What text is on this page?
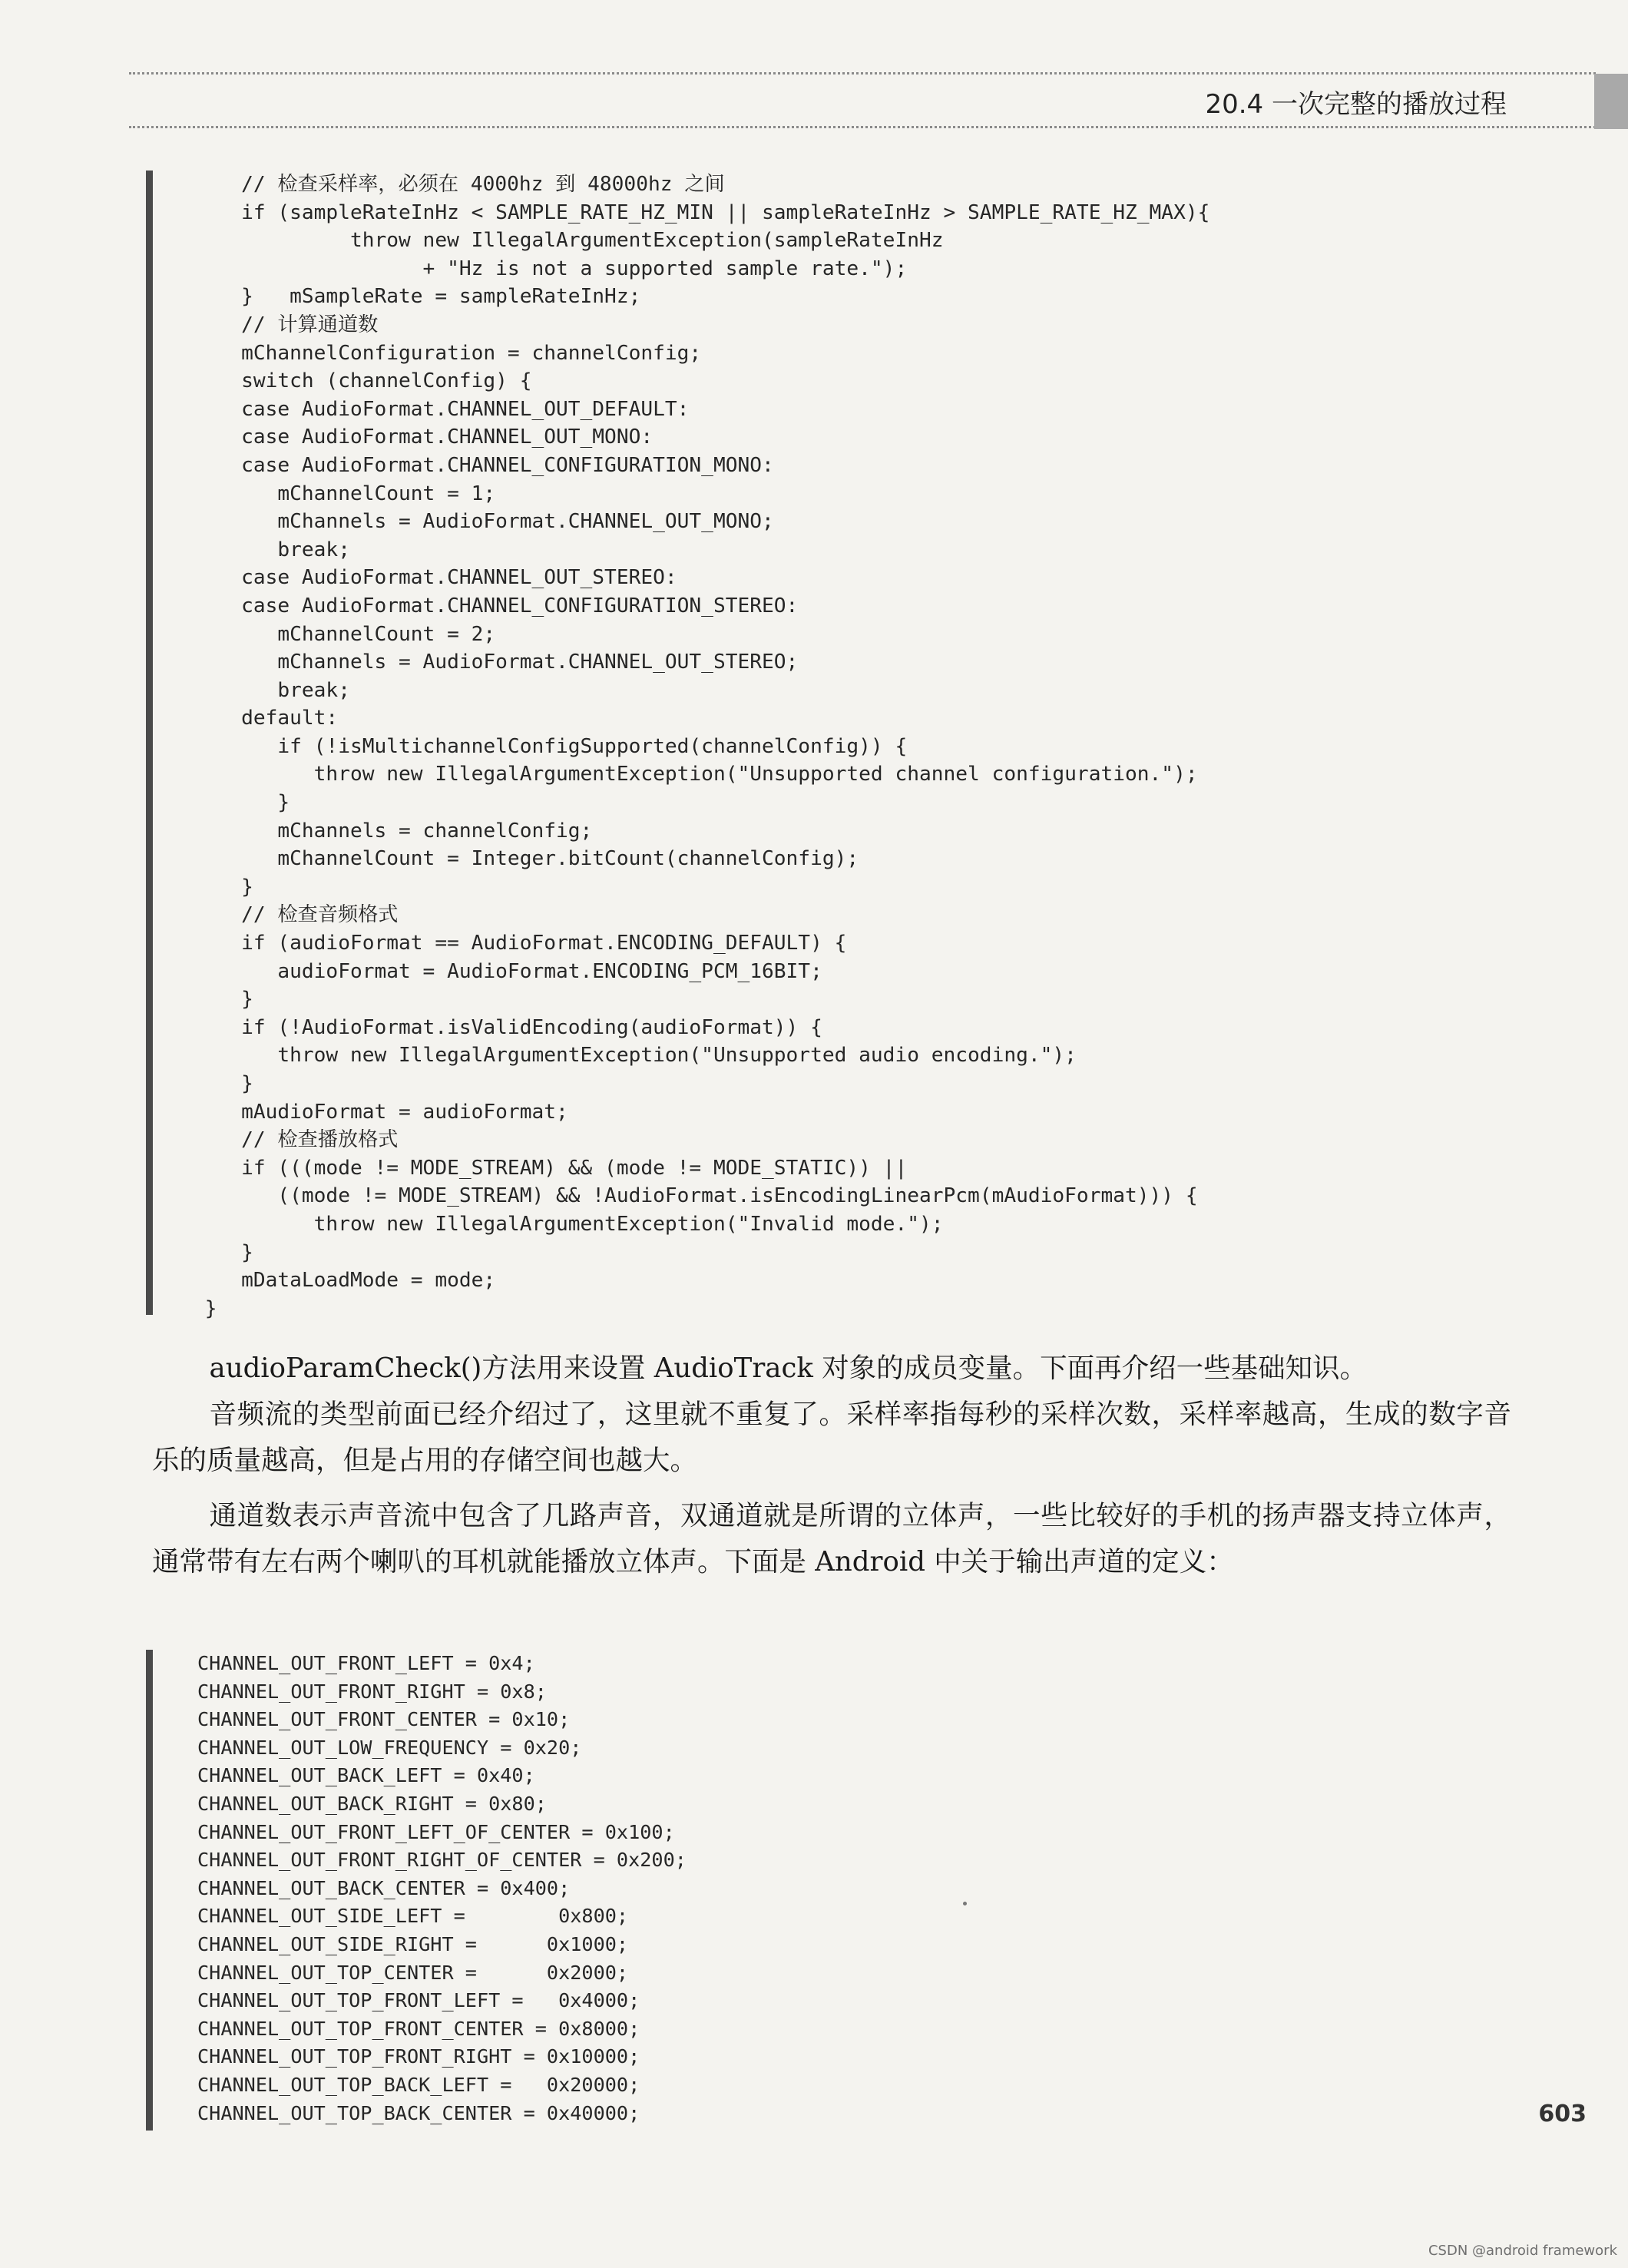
20.4 一次完整的播放过程
// 检查采样率，必须在 4000hz 到 48000hz 之间
if (sampleRateInHz < SAMPLE_RATE_HZ_MIN || sampleRateInHz > SAMPLE_RATE_HZ_MAX){
throw new IllegalArgumentException(sampleRateInHz
+ "Hz is not a supported sample rate.");
}   mSampleRate = sampleRateInHz;
// 计算通道数
mChannelConfiguration = channelConfig;
switch (channelConfig) {
case AudioFormat.CHANNEL_OUT_DEFAULT:
case AudioFormat.CHANNEL_OUT_MONO:
case AudioFormat.CHANNEL_CONFIGURATION_MONO:
mChannelCount = 1;
mChannels = AudioFormat.CHANNEL_OUT_MONO;
break;
case AudioFormat.CHANNEL_OUT_STEREO:
case AudioFormat.CHANNEL_CONFIGURATION_STEREO:
mChannelCount = 2;
mChannels = AudioFormat.CHANNEL_OUT_STEREO;
break;
default:
if (!isMultichannelConfigSupported(channelConfig)) {
throw new IllegalArgumentException("Unsupported channel configuration.");
}
mChannels = channelConfig;
mChannelCount = Integer.bitCount(channelConfig);
}
// 检查音频格式
if (audioFormat == AudioFormat.ENCODING_DEFAULT) {
audioFormat = AudioFormat.ENCODING_PCM_16BIT;
}
if (!AudioFormat.isValidEncoding(audioFormat)) {
throw new IllegalArgumentException("Unsupported audio encoding.");
}
mAudioFormat = audioFormat;
// 检查播放格式
if (((mode != MODE_STREAM) && (mode != MODE_STATIC)) ||
((mode != MODE_STREAM) && !AudioFormat.isEncodingLinearPcm(mAudioFormat))) {
throw new IllegalArgumentException("Invalid mode.");
}
mDataLoadMode = mode;
}

audioParamCheck()方法用来设置 AudioTrack 对象的成员变量。下面再介绍一些基础知识。

音频流的类型前面已经介绍过了，这里就不重复了。采样率指每秒的采样次数，采样率越高，生成的数字音乐的质量越高，但是占用的存储空间也越大。

通道数表示声音流中包含了几路声音，双通道就是所谓的立体声，一些比较好的手机的扬声器支持立体声，通常带有左右两个喇叭的耳机就能播放立体声。下面是 Android 中关于输出声道的定义：

CHANNEL_OUT_FRONT_LEFT = 0x4;
CHANNEL_OUT_FRONT_RIGHT = 0x8;
CHANNEL_OUT_FRONT_CENTER = 0x10;
CHANNEL_OUT_LOW_FREQUENCY = 0x20;
CHANNEL_OUT_BACK_LEFT = 0x40;
CHANNEL_OUT_BACK_RIGHT = 0x80;
CHANNEL_OUT_FRONT_LEFT_OF_CENTER = 0x100;
CHANNEL_OUT_FRONT_RIGHT_OF_CENTER = 0x200;
CHANNEL_OUT_BACK_CENTER = 0x400;
CHANNEL_OUT_SIDE_LEFT =        0x800;
CHANNEL_OUT_SIDE_RIGHT =      0x1000;
CHANNEL_OUT_TOP_CENTER =      0x2000;
CHANNEL_OUT_TOP_FRONT_LEFT =   0x4000;
CHANNEL_OUT_TOP_FRONT_CENTER = 0x8000;
CHANNEL_OUT_TOP_FRONT_RIGHT = 0x10000;
CHANNEL_OUT_TOP_BACK_LEFT =   0x20000;
CHANNEL_OUT_TOP_BACK_CENTER = 0x40000;	603
CSDN @android framework
